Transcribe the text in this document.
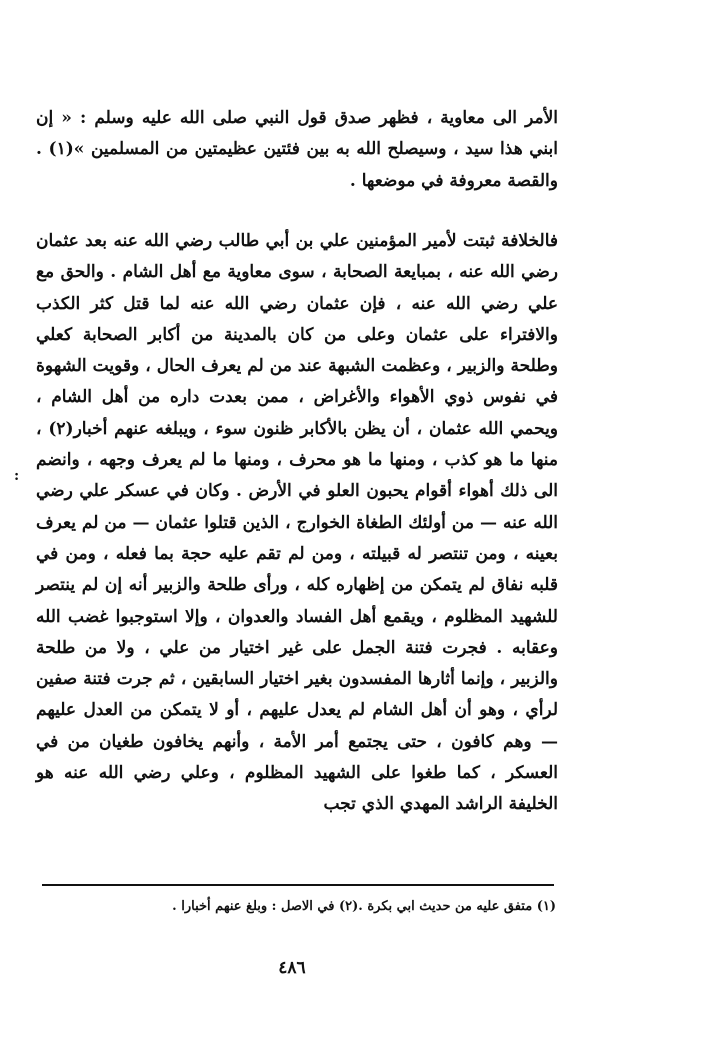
الأمر الى معاوية ، فظهر صدق قول النبي صلى الله عليه وسلم : « إن ابني هذا سيد ، وسيصلح الله به بين فئتين عظيمتين من المسلمين »(١) . والقصة معروفة في موضعها .

فالخلافة ثبتت لأمير المؤمنين علي بن أبي طالب رضي الله عنه بعد عثمان رضي الله عنه ، بمبايعة الصحابة ، سوى معاوية مع أهل الشام . والحق مع علي رضي الله عنه ، فإن عثمان رضي الله عنه لما قتل كثر الكذب والافتراء على عثمان وعلى من كان بالمدينة من أكابر الصحابة كعلي وطلحة والزبير ، وعظمت الشبهة عند من لم يعرف الحال ، وقويت الشهوة في نفوس ذوي الأهواء والأغراض ، ممن بعدت داره من أهل الشام ، ويحمي الله عثمان ، أن يظن بالأكابر ظنون سوء ، ويبلغه عنهم أخبار(٢) ، منها ما هو كذب ، ومنها ما هو محرف ، ومنها ما لم يعرف وجهه ، وانضم الى ذلك أهواء أقوام يحبون العلو في الأرض . وكان في عسكر علي رضي الله عنه — من أولئك الطغاة الخوارج ، الذين قتلوا عثمان — من لم يعرف بعينه ، ومن تنتصر له قبيلته ، ومن لم تقم عليه حجة بما فعله ، ومن في قلبه نفاق لم يتمكن من إظهاره كله ، ورأى طلحة والزبير أنه إن لم ينتصر للشهيد المظلوم ، ويقمع أهل الفساد والعدوان ، وإلا استوجبوا غضب الله وعقابه . فجرت فتنة الجمل على غير اختيار من علي ، ولا من طلحة والزبير ، وإنما أثارها المفسدون بغير اختيار السابقين ، ثم جرت فتنة صفين لرأي ، وهو أن أهل الشام لم يعدل عليهم ، أو لا يتمكن من العدل عليهم — وهم كافون ، حتى يجتمع أمر الأمة ، وأنهم يخافون طغيان من في العسكر ، كما طغوا على الشهيد المظلوم ، وعلي رضي الله عنه هو الخليفة الراشد المهدي الذي تجب

:
(١) متفق عليه من حديث ابي بكرة .(٢) في الاصل : وبلغ عنهم أخبارا .
٤٨٦
